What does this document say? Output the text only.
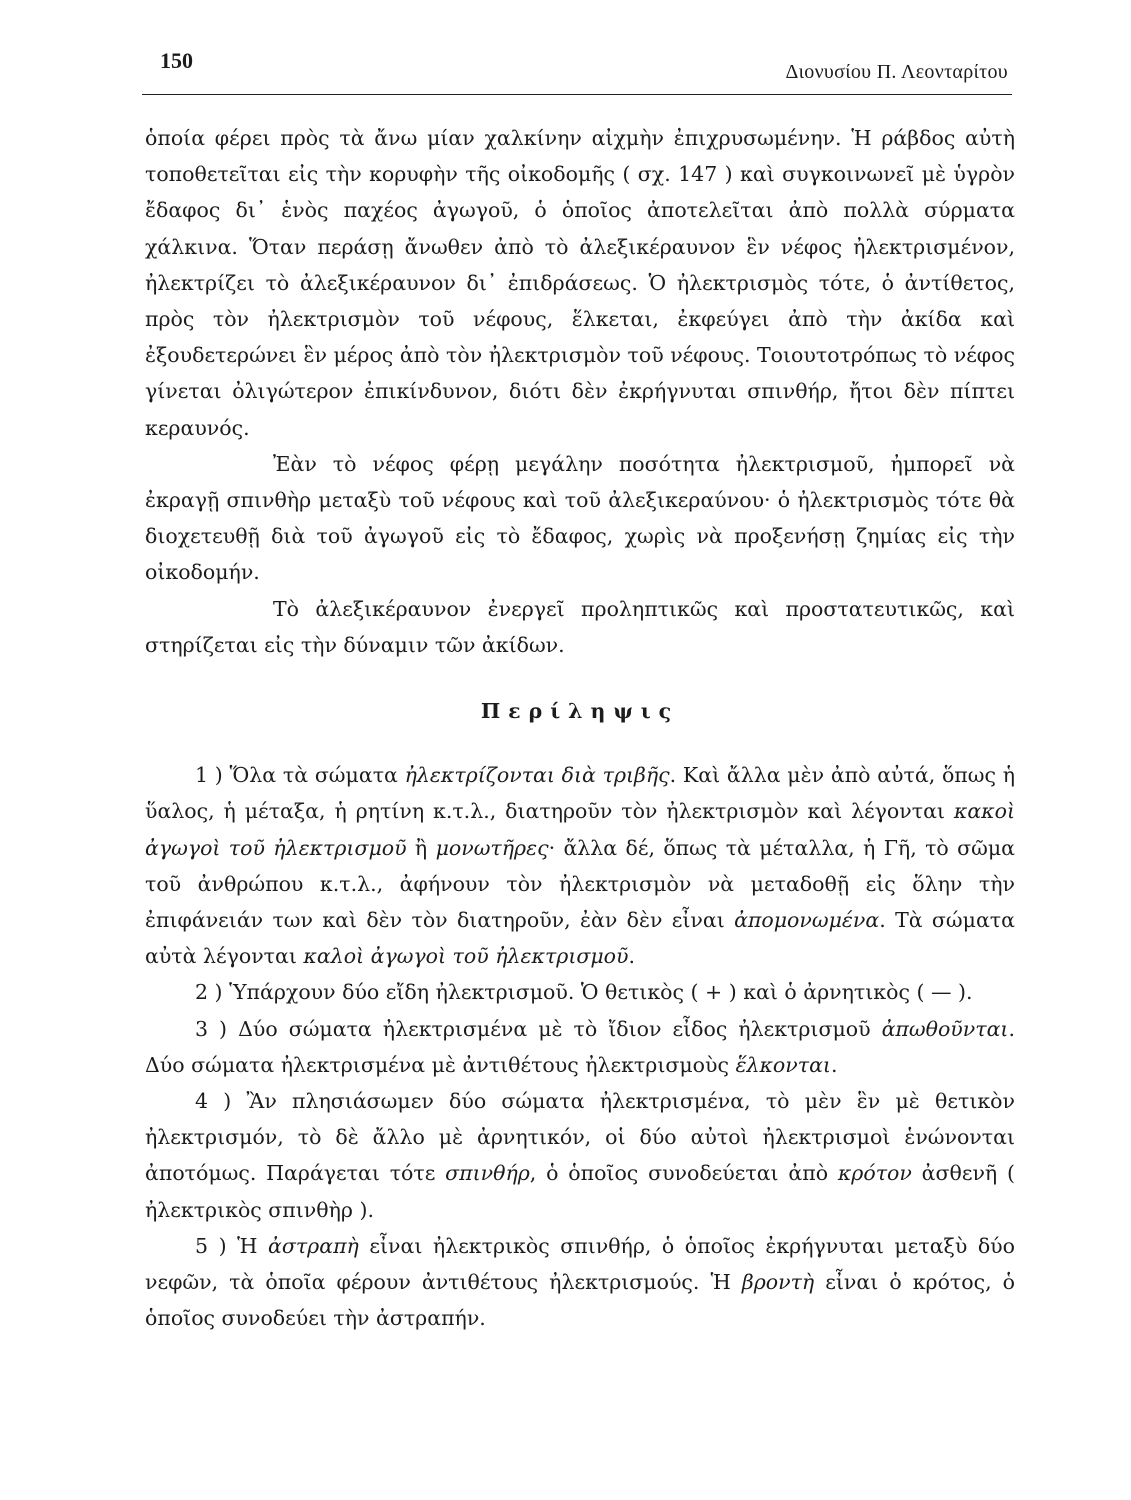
150	Διονυσίου Π. Λεονταρίτου

ὁποία φέρει πρὸς τὰ ἄνω μίαν χαλκίνην αἰχμὴν ἐπιχρυσωμένην. Ἡ ράβδος αὐτὴ τοποθετεῖται εἰς τὴν κορυφὴν τῆς οἰκοδομῆς ( σχ. 147 ) καὶ συγκοινωνεῖ μὲ ὑγρὸν ἔδαφος δι᾽ ἑνὸς παχέος ἀγωγοῦ, ὁ ὁποῖος ἀποτελεῖται ἀπὸ πολλὰ σύρματα χάλκινα. Ὅταν περάσῃ ἄνωθεν ἀπὸ τὸ ἀλεξικέραυνον ἓν νέφος ἠλεκτρισμένον, ἠλεκτρίζει τὸ ἀλεξικέραυνον δι᾽ ἐπιδράσεως. Ὁ ἠλεκτρισμὸς τότε, ὁ ἀντίθετος, πρὸς τὸν ἠλεκτρισμὸν τοῦ νέφους, ἕλκεται, ἐκφεύγει ἀπὸ τὴν ἀκίδα καὶ ἐξουδετερώνει ἓν μέρος ἀπὸ τὸν ἠλεκτρισμὸν τοῦ νέφους. Τοιουτοτρόπως τὸ νέφος γίνεται ὀλιγώτερον ἐπικίνδυνον, διότι δὲν ἐκρήγνυται σπινθήρ, ἤτοι δὲν πίπτει κεραυνός.

Ἐὰν τὸ νέφος φέρῃ μεγάλην ποσότητα ἠλεκτρισμοῦ, ἠμπορεῖ νὰ ἐκραγῇ σπινθὴρ μεταξὺ τοῦ νέφους καὶ τοῦ ἀλεξικεραύνου· ὁ ἠλεκτρισμὸς τότε θὰ διοχετευθῇ διὰ τοῦ ἀγωγοῦ εἰς τὸ ἔδαφος, χωρὶς νὰ προξενήσῃ ζημίας εἰς τὴν οἰκοδομήν.

Τὸ ἀλεξικέραυνον ἐνεργεῖ προληπτικῶς καὶ προστατευτικῶς, καὶ στηρίζεται εἰς τὴν δύναμιν τῶν ἀκίδων.

Περίληψις

1 ) Ὅλα τὰ σώματα ἠλεκτρίζονται διὰ τριβῆς. Καὶ ἄλλα μὲν ἀπὸ αὐτά, ὅπως ἡ ὕαλος, ἡ μέταξα, ἡ ρητίνη κ.τ.λ., διατηροῦν τὸν ἠλεκτρισμὸν καὶ λέγονται κακοὶ ἀγωγοὶ τοῦ ἠλεκτρισμοῦ ἢ μονωτῆρες· ἄλλα δέ, ὅπως τὰ μέταλλα, ἡ Γῆ, τὸ σῶμα τοῦ ἀνθρώπου κ.τ.λ., ἀφήνουν τὸν ἠλεκτρισμὸν νὰ μεταδοθῇ εἰς ὅλην τὴν ἐπιφάνειάν των καὶ δὲν τὸν διατηροῦν, ἐὰν δὲν εἶναι ἀπομονωμένα. Τὰ σώματα αὐτὰ λέγονται καλοὶ ἀγωγοὶ τοῦ ἠλεκτρισμοῦ.

2 ) Ὑπάρχουν δύο εἴδη ἠλεκτρισμοῦ. Ὁ θετικὸς ( + ) καὶ ὁ ἀρνητικὸς ( — ).

3 ) Δύο σώματα ἠλεκτρισμένα μὲ τὸ ἴδιον εἶδος ἠλεκτρισμοῦ ἀπωθοῦνται. Δύο σώματα ἠλεκτρισμένα μὲ ἀντιθέτους ἠλεκτρισμοὺς ἕλκονται.

4 ) Ἂν πλησιάσωμεν δύο σώματα ἠλεκτρισμένα, τὸ μὲν ἓν μὲ θετικὸν ἠλεκτρισμόν, τὸ δὲ ἄλλο μὲ ἀρνητικόν, οἱ δύο αὐτοὶ ἠλεκτρισμοὶ ἑνώνονται ἀποτόμως. Παράγεται τότε σπινθήρ, ὁ ὁποῖος συνοδεύεται ἀπὸ κρότον ἀσθενῆ ( ἠλεκτρικὸς σπινθὴρ ).

5 ) Ἡ ἀστραπὴ εἶναι ἠλεκτρικὸς σπινθήρ, ὁ ὁποῖος ἐκρήγνυται μεταξὺ δύο νεφῶν, τὰ ὁποῖα φέρουν ἀντιθέτους ἠλεκτρισμούς. Ἡ βροντὴ εἶναι ὁ κρότος, ὁ ὁποῖος συνοδεύει τὴν ἀστραπήν.
